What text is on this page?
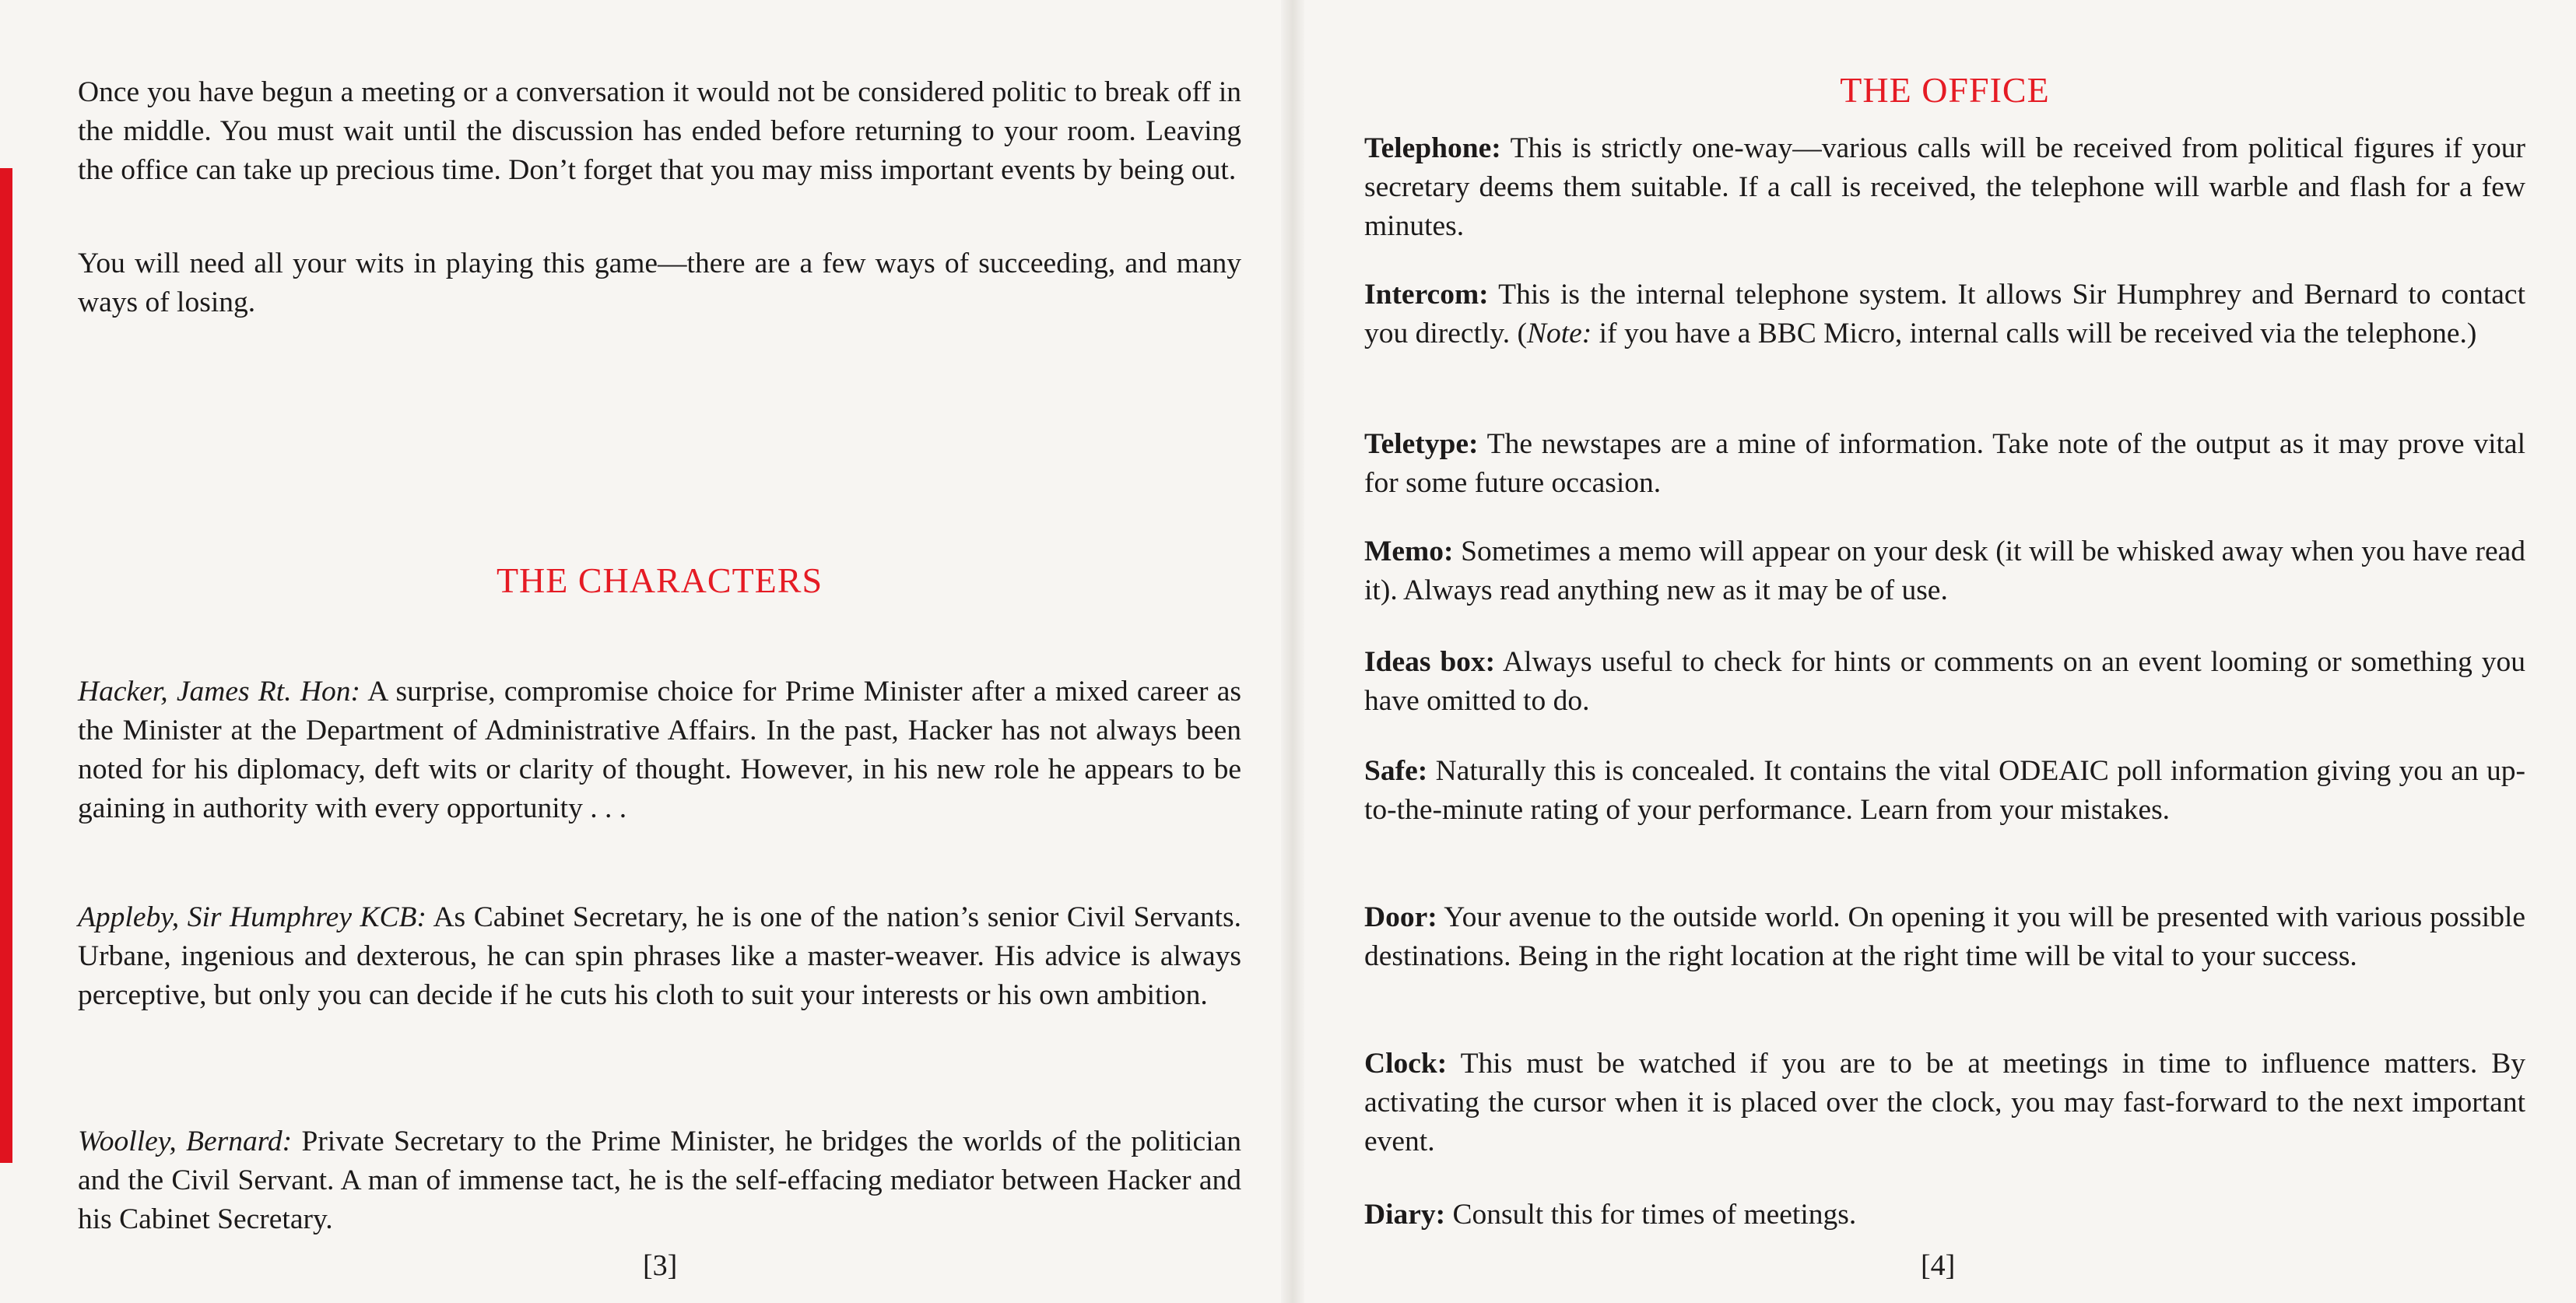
Once you have begun a meeting or a conversation it would not be considered politic to break off in the middle. You must wait until the discussion has ended before returning to your room. Leaving the office can take up precious time. Don’t forget that you may miss important events by being out.

You will need all your wits in playing this game—there are a few ways of succeeding, and many ways of losing.

THE CHARACTERS

Hacker, James Rt. Hon: A surprise, compromise choice for Prime Minister after a mixed career as the Minister at the Department of Administrative Affairs. In the past, Hacker has not always been noted for his diplomacy, deft wits or clarity of thought. However, in his new role he appears to be gaining in authority with every opportunity . . .

Appleby, Sir Humphrey KCB: As Cabinet Secretary, he is one of the nation’s senior Civil Servants. Urbane, ingenious and dexterous, he can spin phrases like a master-weaver. His advice is always perceptive, but only you can decide if he cuts his cloth to suit your interests or his own ambition.

Woolley, Bernard: Private Secretary to the Prime Minister, he bridges the worlds of the politician and the Civil Servant. A man of immense tact, he is the self-effacing mediator between Hacker and his Cabinet Secretary.

[3]

THE OFFICE

Telephone: This is strictly one-way—various calls will be received from political figures if your secretary deems them suitable. If a call is received, the telephone will warble and flash for a few minutes.

Intercom: This is the internal telephone system. It allows Sir Humphrey and Bernard to contact you directly. (Note: if you have a BBC Micro, internal calls will be received via the telephone.)

Teletype: The newstapes are a mine of information. Take note of the output as it may prove vital for some future occasion.

Memo: Sometimes a memo will appear on your desk (it will be whisked away when you have read it). Always read anything new as it may be of use.

Ideas box: Always useful to check for hints or comments on an event looming or something you have omitted to do.

Safe: Naturally this is concealed. It contains the vital ODEAIC poll information giving you an up-to-the-minute rating of your performance. Learn from your mistakes.

Door: Your avenue to the outside world. On opening it you will be presented with various possible destinations. Being in the right location at the right time will be vital to your success.

Clock: This must be watched if you are to be at meetings in time to influence matters. By activating the cursor when it is placed over the clock, you may fast-forward to the next important event.

Diary: Consult this for times of meetings.

[4]
